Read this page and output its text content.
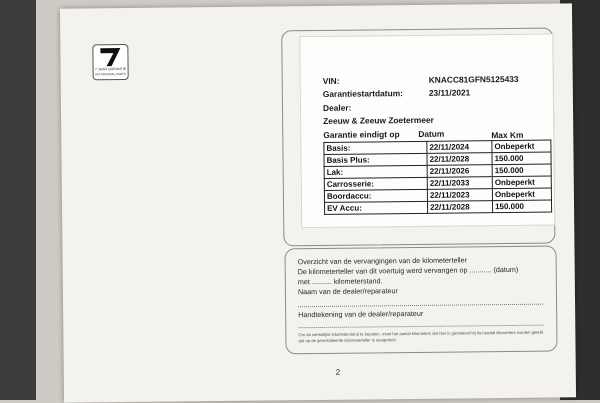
7 JAAR GARANTIE
KIA ORIGINAL PARTS
VIN:	KNACC81GFN5125433
Garantiestartdatum:	23/11/2021
Dealer:
Zeeuw & Zeeuw Zoetermeer
Garantie eindigt op Datum	Max Km
Basis:	22/11/2024	Onbeperkt
Basis Plus:	22/11/2028	150.000
Lak:	22/11/2026	150.000
Carrosserie:	22/11/2033	Onbeperkt
Boordaccu:	22/11/2023	Onbeperkt
EV Accu:	22/11/2028	150.000
Overzicht van de vervangingen van de kilometerteller
De kilometerteller van dit voertuig werd vervangen op ........... (datum)
met .......... kilometerstand.
Naam van de dealer/reparateur
Handtekening van de dealer/reparateur
Om de werkelijke kilometerstand te bepalen, moet het aantal kilometers dat hier is genoteerd bij het aantal kilometers worden geteld dat op de geïnstalleerde kilometerteller is aangeduid.
2
